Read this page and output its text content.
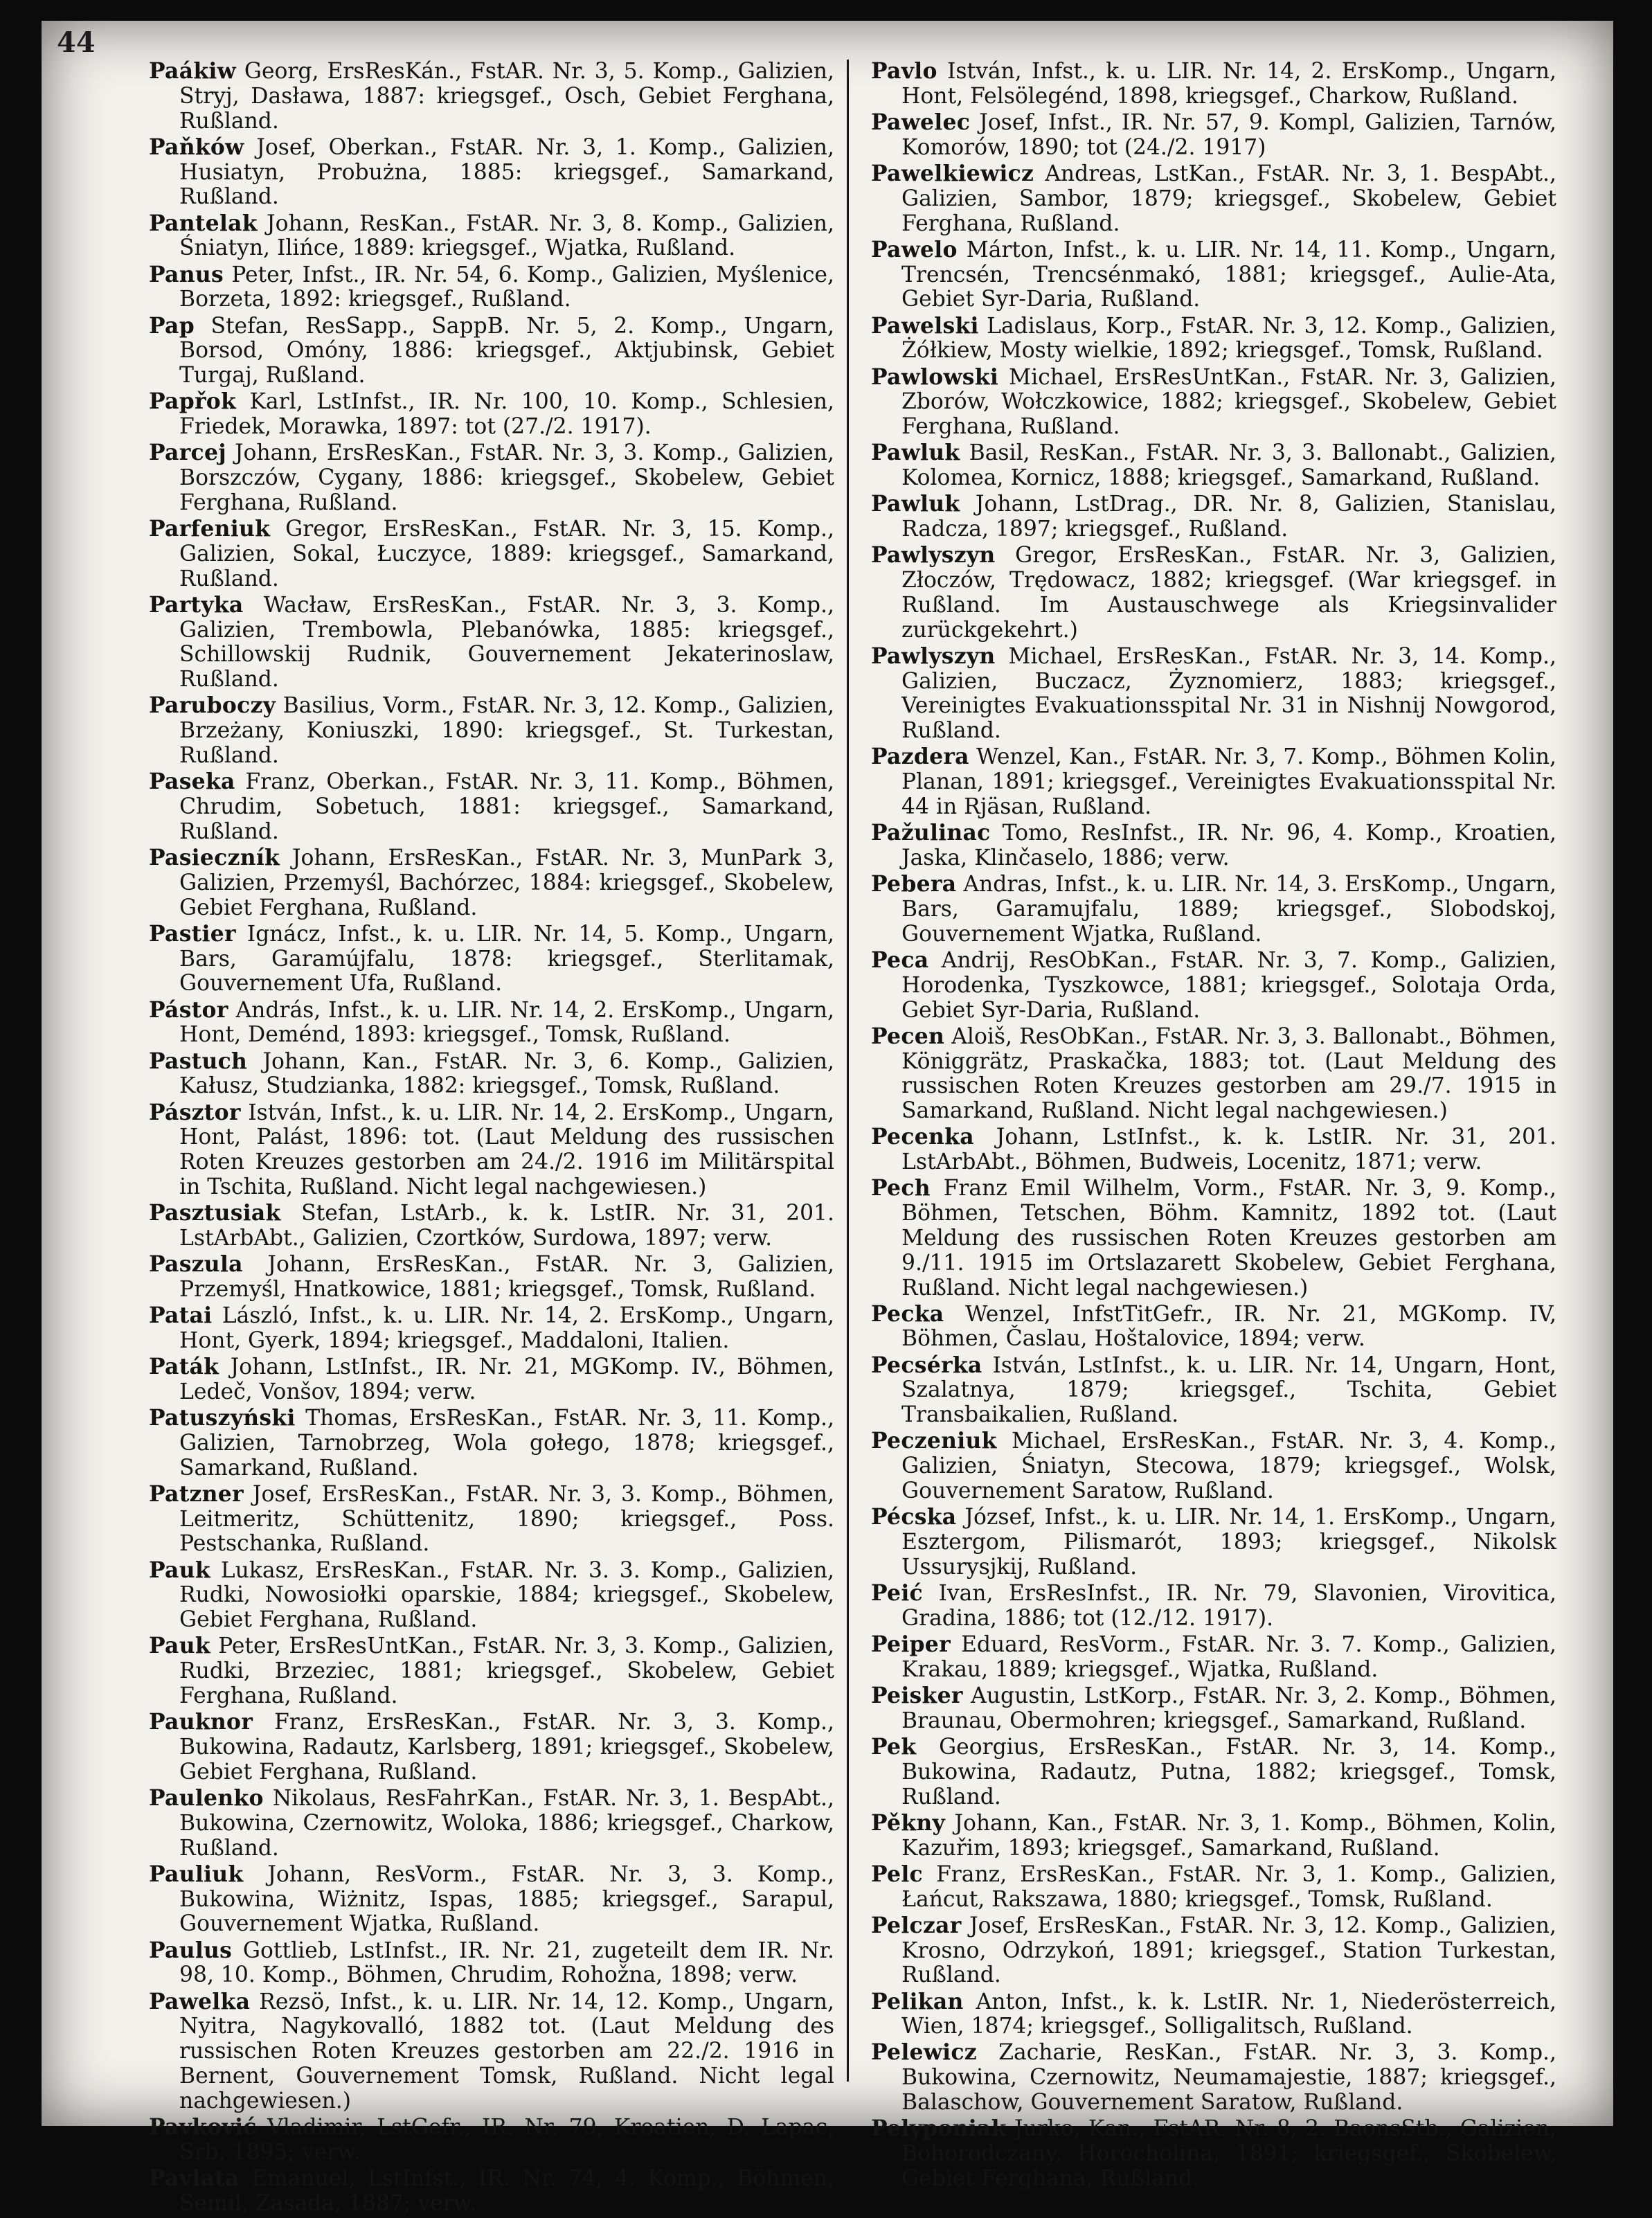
44

Paákiw Georg, ErsResKán., FstAR. Nr. 3, 5. Komp., Galizien, Stryj, Dasława, 1887: kriegsgef., Osch, Gebiet Ferghana, Rußland.

Paňków Josef, Oberkan., FstAR. Nr. 3, 1. Komp., Galizien, Husiatyn, Probużna, 1885: kriegsgef., Samarkand, Rußland.

Pantelak Johann, ResKan., FstAR. Nr. 3, 8. Komp., Galizien, Śniatyn, Ilińce, 1889: kriegsgef., Wjatka, Rußland.

Panus Peter, Infst., IR. Nr. 54, 6. Komp., Galizien, Myślenice, Borzeta, 1892: kriegsgef., Rußland.

Pap Stefan, ResSapp., SappB. Nr. 5, 2. Komp., Ungarn, Borsod, Omóny, 1886: kriegsgef., Aktjubinsk, Gebiet Turgaj, Rußland.

Papřok Karl, LstInfst., IR. Nr. 100, 10. Komp., Schlesien, Friedek, Morawka, 1897: tot (27./2. 1917).

Parcej Johann, ErsResKan., FstAR. Nr. 3, 3. Komp., Galizien, Borszczów, Cygany, 1886: kriegsgef., Skobelew, Gebiet Ferghana, Rußland.

Parfeniuk Gregor, ErsResKan., FstAR. Nr. 3, 15. Komp., Galizien, Sokal, Łuczyce, 1889: kriegsgef., Samarkand, Rußland.

Partyka Wacław, ErsResKan., FstAR. Nr. 3, 3. Komp., Galizien, Trembowla, Plebanówka, 1885: kriegsgef., Schillowskij Rudnik, Gouvernement Jekaterinoslaw, Rußland.

Paruboczy Basilius, Vorm., FstAR. Nr. 3, 12. Komp., Galizien, Brzeżany, Koniuszki, 1890: kriegsgef., St. Turkestan, Rußland.

Paseka Franz, Oberkan., FstAR. Nr. 3, 11. Komp., Böhmen, Chrudim, Sobetuch, 1881: kriegsgef., Samarkand, Rußland.

Pasieczník Johann, ErsResKan., FstAR. Nr. 3, MunPark 3, Galizien, Przemyśl, Bachórzec, 1884: kriegsgef., Skobelew, Gebiet Ferghana, Rußland.

Pastier Ignácz, Infst., k. u. LIR. Nr. 14, 5. Komp., Ungarn, Bars, Garamújfalu, 1878: kriegsgef., Sterlitamak, Gouvernement Ufa, Rußland.

Pástor András, Infst., k. u. LIR. Nr. 14, 2. ErsKomp., Ungarn, Hont, Deménd, 1893: kriegsgef., Tomsk, Rußland.

Pastuch Johann, Kan., FstAR. Nr. 3, 6. Komp., Galizien, Kałusz, Studzianka, 1882: kriegsgef., Tomsk, Rußland.

Pásztor István, Infst., k. u. LIR. Nr. 14, 2. ErsKomp., Ungarn, Hont, Palást, 1896: tot. (Laut Meldung des russischen Roten Kreuzes gestorben am 24./2. 1916 im Militärspital in Tschita, Rußland. Nicht legal nachgewiesen.)

Pasztusiak Stefan, LstArb., k. k. LstIR. Nr. 31, 201. LstArbAbt., Galizien, Czortków, Surdowa, 1897; verw.

Paszula Johann, ErsResKan., FstAR. Nr. 3, Galizien, Przemyśl, Hnatkowice, 1881; kriegsgef., Tomsk, Rußland.

Patai László, Infst., k. u. LIR. Nr. 14, 2. ErsKomp., Ungarn, Hont, Gyerk, 1894; kriegsgef., Maddaloni, Italien.

Paták Johann, LstInfst., IR. Nr. 21, MGKomp. IV., Böhmen, Ledeč, Vonšov, 1894; verw.

Patuszyński Thomas, ErsResKan., FstAR. Nr. 3, 11. Komp., Galizien, Tarnobrzeg, Wola gołego, 1878; kriegsgef., Samarkand, Rußland.

Patzner Josef, ErsResKan., FstAR. Nr. 3, 3. Komp., Böhmen, Leitmeritz, Schüttenitz, 1890; kriegsgef., Poss. Pestschanka, Rußland.

Pauk Lukasz, ErsResKan., FstAR. Nr. 3. 3. Komp., Galizien, Rudki, Nowosiołki oparskie, 1884; kriegsgef., Skobelew, Gebiet Ferghana, Rußland.

Pauk Peter, ErsResUntKan., FstAR. Nr. 3, 3. Komp., Galizien, Rudki, Brzeziec, 1881; kriegsgef., Skobelew, Gebiet Ferghana, Rußland.

Pauknor Franz, ErsResKan., FstAR. Nr. 3, 3. Komp., Bukowina, Radautz, Karlsberg, 1891; kriegsgef., Skobelew, Gebiet Ferghana, Rußland.

Paulenko Nikolaus, ResFahrKan., FstAR. Nr. 3, 1. BespAbt., Bukowina, Czernowitz, Woloka, 1886; kriegsgef., Charkow, Rußland.

Pauliuk Johann, ResVorm., FstAR. Nr. 3, 3. Komp., Bukowina, Wiżnitz, Ispas, 1885; kriegsgef., Sarapul, Gouvernement Wjatka, Rußland.

Paulus Gottlieb, LstInfst., IR. Nr. 21, zugeteilt dem IR. Nr. 98, 10. Komp., Böhmen, Chrudim, Rohožna, 1898; verw.

Pawelka Rezsö, Infst., k. u. LIR. Nr. 14, 12. Komp., Ungarn, Nyitra, Nagykovalló, 1882 tot. (Laut Meldung des russischen Roten Kreuzes gestorben am 22./2. 1916 in Bernent, Gouvernement Tomsk, Rußland. Nicht legal nachgewiesen.)

Pavković Vladimir, LstGefr., IR. Nr. 79, Kroatien, D. Lapac, Srb, 1895; verw.

Pavlata Emanuel, LstInfst., IR. Nr. 74, 4. Komp., Böhmen, Semil, Zasada, 1887; verw.

Pavlo István, Infst., k. u. LIR. Nr. 14, 2. ErsKomp., Ungarn, Hont, Felsölegénd, 1898, kriegsgef., Charkow, Rußland.

Pawelec Josef, Infst., IR. Nr. 57, 9. Kompl, Galizien, Tarnów, Komorów, 1890; tot (24./2. 1917)

Pawelkiewicz Andreas, LstKan., FstAR. Nr. 3, 1. BespAbt., Galizien, Sambor, 1879; kriegsgef., Skobelew, Gebiet Ferghana, Rußland.

Pawelo Márton, Infst., k. u. LIR. Nr. 14, 11. Komp., Ungarn, Trencsén, Trencsénmakó, 1881; kriegsgef., Aulie-Ata, Gebiet Syr-Daria, Rußland.

Pawelski Ladislaus, Korp., FstAR. Nr. 3, 12. Komp., Galizien, Żółkiew, Mosty wielkie, 1892; kriegsgef., Tomsk, Rußland.

Pawlowski Michael, ErsResUntKan., FstAR. Nr. 3, Galizien, Zborów, Wołczkowice, 1882; kriegsgef., Skobelew, Gebiet Ferghana, Rußland.

Pawluk Basil, ResKan., FstAR. Nr. 3, 3. Ballonabt., Galizien, Kolomea, Kornicz, 1888; kriegsgef., Samarkand, Rußland.

Pawluk Johann, LstDrag., DR. Nr. 8, Galizien, Stanislau, Radcza, 1897; kriegsgef., Rußland.

Pawlyszyn Gregor, ErsResKan., FstAR. Nr. 3, Galizien, Złoczów, Trędowacz, 1882; kriegsgef. (War kriegsgef. in Rußland. Im Austauschwege als Kriegsinvalider zurückgekehrt.)

Pawlyszyn Michael, ErsResKan., FstAR. Nr. 3, 14. Komp., Galizien, Buczacz, Żyznomierz, 1883; kriegsgef., Vereinigtes Evakuationsspital Nr. 31 in Nishnij Nowgorod, Rußland.

Pazdera Wenzel, Kan., FstAR. Nr. 3, 7. Komp., Böhmen Kolin, Planan, 1891; kriegsgef., Vereinigtes Evakuationsspital Nr. 44 in Rjäsan, Rußland.

Pažulinac Tomo, ResInfst., IR. Nr. 96, 4. Komp., Kroatien, Jaska, Klinčaselo, 1886; verw.

Pebera Andras, Infst., k. u. LIR. Nr. 14, 3. ErsKomp., Ungarn, Bars, Garamujfalu, 1889; kriegsgef., Slobodskoj, Gouvernement Wjatka, Rußland.

Peca Andrij, ResObKan., FstAR. Nr. 3, 7. Komp., Galizien, Horodenka, Tyszkowce, 1881; kriegsgef., Solotaja Orda, Gebiet Syr-Daria, Rußland.

Pecen Aloiš, ResObKan., FstAR. Nr. 3, 3. Ballonabt., Böhmen, Königgrätz, Praskačka, 1883; tot. (Laut Meldung des russischen Roten Kreuzes gestorben am 29./7. 1915 in Samarkand, Rußland. Nicht legal nachgewiesen.)

Pecenka Johann, LstInfst., k. k. LstIR. Nr. 31, 201. LstArbAbt., Böhmen, Budweis, Locenitz, 1871; verw.

Pech Franz Emil Wilhelm, Vorm., FstAR. Nr. 3, 9. Komp., Böhmen, Tetschen, Böhm. Kamnitz, 1892 tot. (Laut Meldung des russischen Roten Kreuzes gestorben am 9./11. 1915 im Ortslazarett Skobelew, Gebiet Ferghana, Rußland. Nicht legal nachgewiesen.)

Pecka Wenzel, InfstTitGefr., IR. Nr. 21, MGKomp. IV, Böhmen, Časlau, Hoštalovice, 1894; verw.

Pecsérka István, LstInfst., k. u. LIR. Nr. 14, Ungarn, Hont, Szalatnya, 1879; kriegsgef., Tschita, Gebiet Transbaikalien, Rußland.

Peczeniuk Michael, ErsResKan., FstAR. Nr. 3, 4. Komp., Galizien, Śniatyn, Stecowa, 1879; kriegsgef., Wolsk, Gouvernement Saratow, Rußland.

Pécska József, Infst., k. u. LIR. Nr. 14, 1. ErsKomp., Ungarn, Esztergom, Pilismarót, 1893; kriegsgef., Nikolsk Ussurysjkij, Rußland.

Peić Ivan, ErsResInfst., IR. Nr. 79, Slavonien, Virovitica, Gradina, 1886; tot (12./12. 1917).

Peiper Eduard, ResVorm., FstAR. Nr. 3. 7. Komp., Galizien, Krakau, 1889; kriegsgef., Wjatka, Rußland.

Peisker Augustin, LstKorp., FstAR. Nr. 3, 2. Komp., Böhmen, Braunau, Obermohren; kriegsgef., Samarkand, Rußland.

Pek Georgius, ErsResKan., FstAR. Nr. 3, 14. Komp., Bukowina, Radautz, Putna, 1882; kriegsgef., Tomsk, Rußland.

Pěkny Johann, Kan., FstAR. Nr. 3, 1. Komp., Böhmen, Kolin, Kazuřim, 1893; kriegsgef., Samarkand, Rußland.

Pelc Franz, ErsResKan., FstAR. Nr. 3, 1. Komp., Galizien, Łańcut, Rakszawa, 1880; kriegsgef., Tomsk, Rußland.

Pelczar Josef, ErsResKan., FstAR. Nr. 3, 12. Komp., Galizien, Krosno, Odrzykoń, 1891; kriegsgef., Station Turkestan, Rußland.

Pelikan Anton, Infst., k. k. LstIR. Nr. 1, Niederösterreich, Wien, 1874; kriegsgef., Solligalitsch, Rußland.

Pelewicz Zacharie, ResKan., FstAR. Nr. 3, 3. Komp., Bukowina, Czernowitz, Neumamajestie, 1887; kriegsgef., Balaschow, Gouvernement Saratow, Rußland.

Pelyponiak Jurko, Kan., FstAR. Nr. 8, 2. BaonsStb., Galizien, Bohorodczany, Horocholina, 1891; kriegsgef., Skobelew, Gebiet Ferghana, Rußland.
